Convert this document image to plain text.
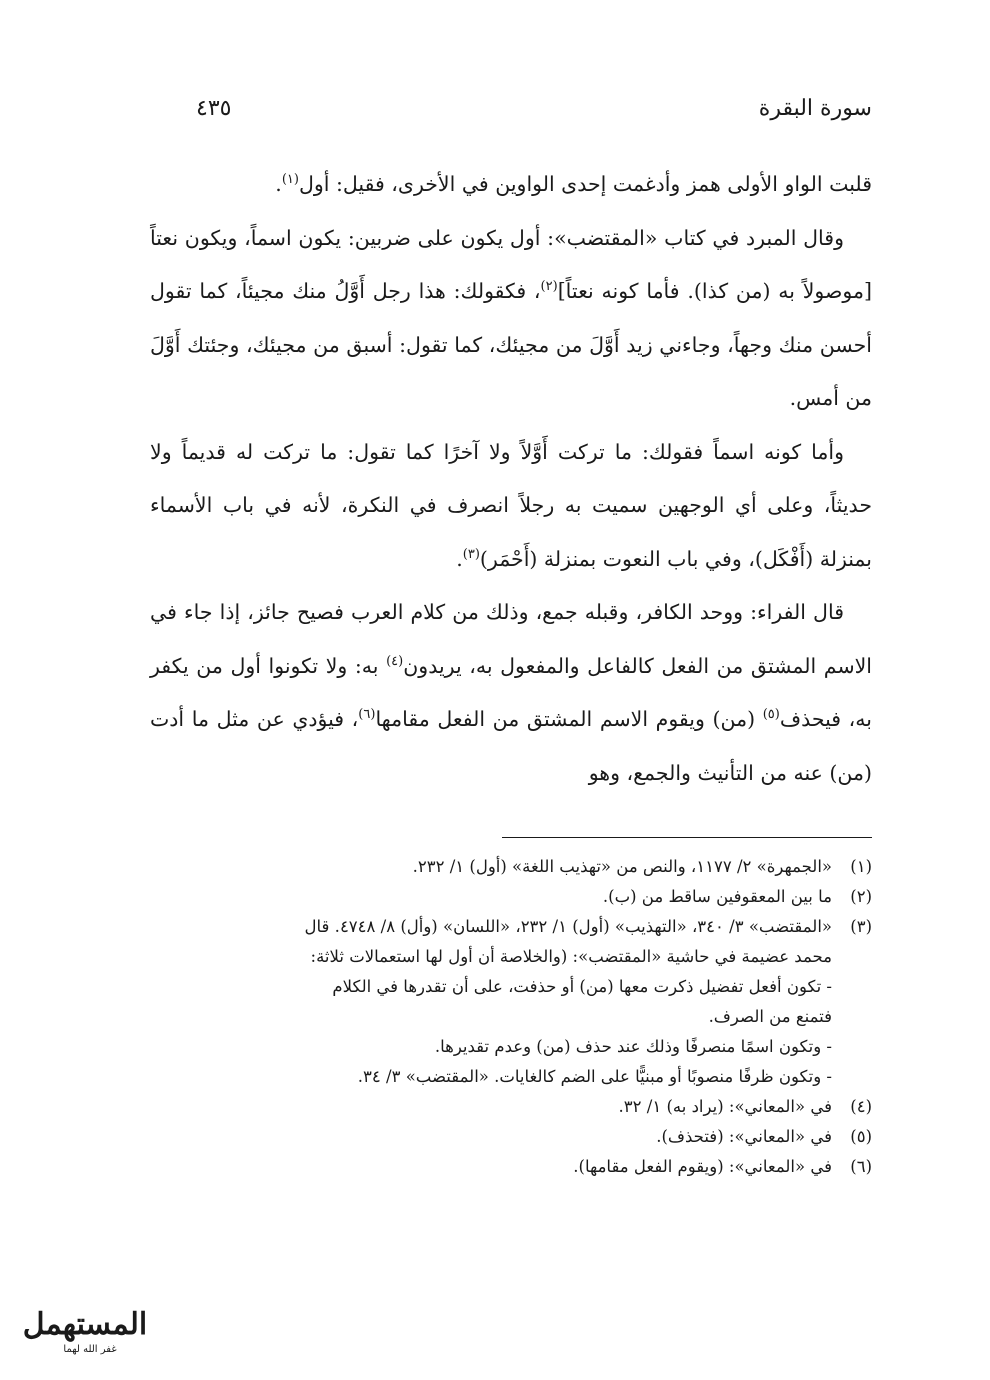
سورة البقرة
٤٣٥

قلبت الواو الأولى همز وأدغمت إحدى الواوين في الأخرى، فقيل: أول$^{(١)}$.

وقال المبرد في كتاب «المقتضب»: أول يكون على ضربين: يكون اسماً، ويكون نعتاً [موصولاً به (من كذا). فأما كونه نعتاً]$^{(٢)}$، فكقولك: هذا رجل أَوَّلُ منك مجيئاً، كما تقول أحسن منك وجهاً، وجاءني زيد أَوَّلَ من مجيئك، كما تقول: أسبق من مجيئك، وجئتك أَوَّلَ من أمس.

وأما كونه اسماً فقولك: ما تركت أَوَّلاً ولا آخرًا كما تقول: ما تركت له قديماً ولا حديثاً، وعلى أي الوجهين سميت به رجلاً انصرف في النكرة، لأنه في باب الأسماء بمنزلة (أَفْكَل)، وفي باب النعوت بمنزلة (أَحْمَر)$^{(٣)}$.

قال الفراء: ووحد الكافر، وقبله جمع، وذلك من كلام العرب فصيح جائز، إذا جاء في الاسم المشتق من الفعل كالفاعل والمفعول به، يريدون$^{(٤)}$ به: ولا تكونوا أول من يكفر به، فيحذف$^{(٥)}$ (من) ويقوم الاسم المشتق من الفعل مقامها$^{(٦)}$، فيؤدي عن مثل ما أدت (من) عنه من التأنيث والجمع، وهو

(١)
«الجمهرة» ٢/ ١١٧٧، والنص من «تهذيب اللغة» (أول) ١/ ٢٣٢.
(٢)
ما بين المعقوفين ساقط من (ب).
(٣)
«المقتضب» ٣/ ٣٤٠، «التهذيب» (أول) ١/ ٢٣٢، «اللسان» (وأل) ٨/ ٤٧٤٨. قال
محمد عضيمة في حاشية «المقتضب»: (والخلاصة أن أول لها استعمالات ثلاثة:
- تكون أفعل تفضيل ذكرت معها (من) أو حذفت، على أن تقدرها في الكلام
فتمنع من الصرف.
- وتكون اسمًا منصرفًا وذلك عند حذف (من) وعدم تقديرها.
- وتكون ظرفًا منصوبًا أو مبنيًّا على الضم كالغايات. «المقتضب» ٣/ ٣٤.
(٤)
في «المعاني»: (يراد به) ١/ ٣٢.
(٥)
في «المعاني»: (فتحذف).
(٦)
في «المعاني»: (ويقوم الفعل مقامها).
المستهمل
غفر الله لهما
